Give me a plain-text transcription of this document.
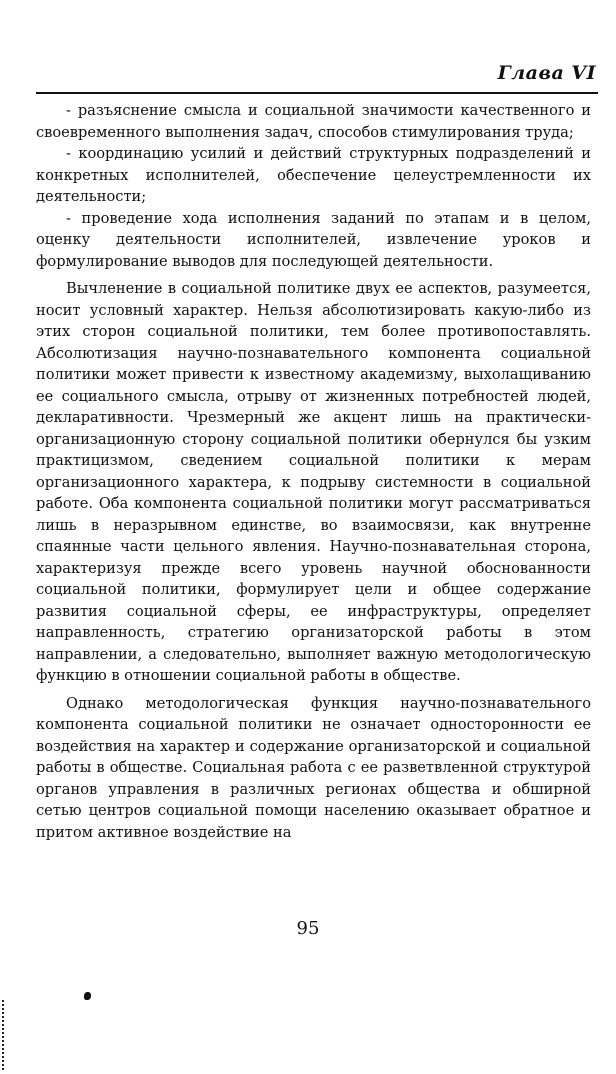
Глава VI

- разъяснение смысла и социальной значимости качественного и своевременного выполнения задач, способов стимулирования труда;

- координацию усилий и действий структурных подразделений и конкретных исполнителей, обеспечение целеустремленности их деятельности;

- проведение хода исполнения заданий по этапам и в целом, оценку деятельности исполнителей, извлечение уроков и формулирование выводов для последующей деятельности.

Вычленение в социальной политике двух ее аспектов, разумеется, носит условный характер. Нельзя абсолютизировать какую-либо из этих сторон социальной политики, тем более противопоставлять. Абсолютизация научно-познавательного компонента социальной политики может привести к известному академизму, выхолащиванию ее социального смысла, отрыву от жизненных потребностей людей, декларативности. Чрезмерный же акцент лишь на практически-организационную сторону социальной политики обернулся бы узким практицизмом, сведением социальной политики к мерам организационного характера, к подрыву системности в социальной работе. Оба компонента социальной политики могут рассматриваться лишь в неразрывном единстве, во взаимосвязи, как внутренне спаянные части цельного явления. Научно-познавательная сторона, характеризуя прежде всего уровень научной обоснованности социальной политики, формулирует цели и общее содержание развития социальной сферы, ее инфраструктуры, определяет направленность, стратегию организаторской работы в этом направлении, а следовательно, выполняет важную методологическую функцию в отношении социальной работы в обществе.

Однако методологическая функция научно-познавательного компонента социальной политики не означает односторонности ее воздействия на характер и содержание организаторской и социальной работы в обществе. Социальная работа с ее разветвленной структурой органов управления в различных регионах общества и обширной сетью центров социальной помощи населению оказывает обратное и притом активное воздействие на

95
